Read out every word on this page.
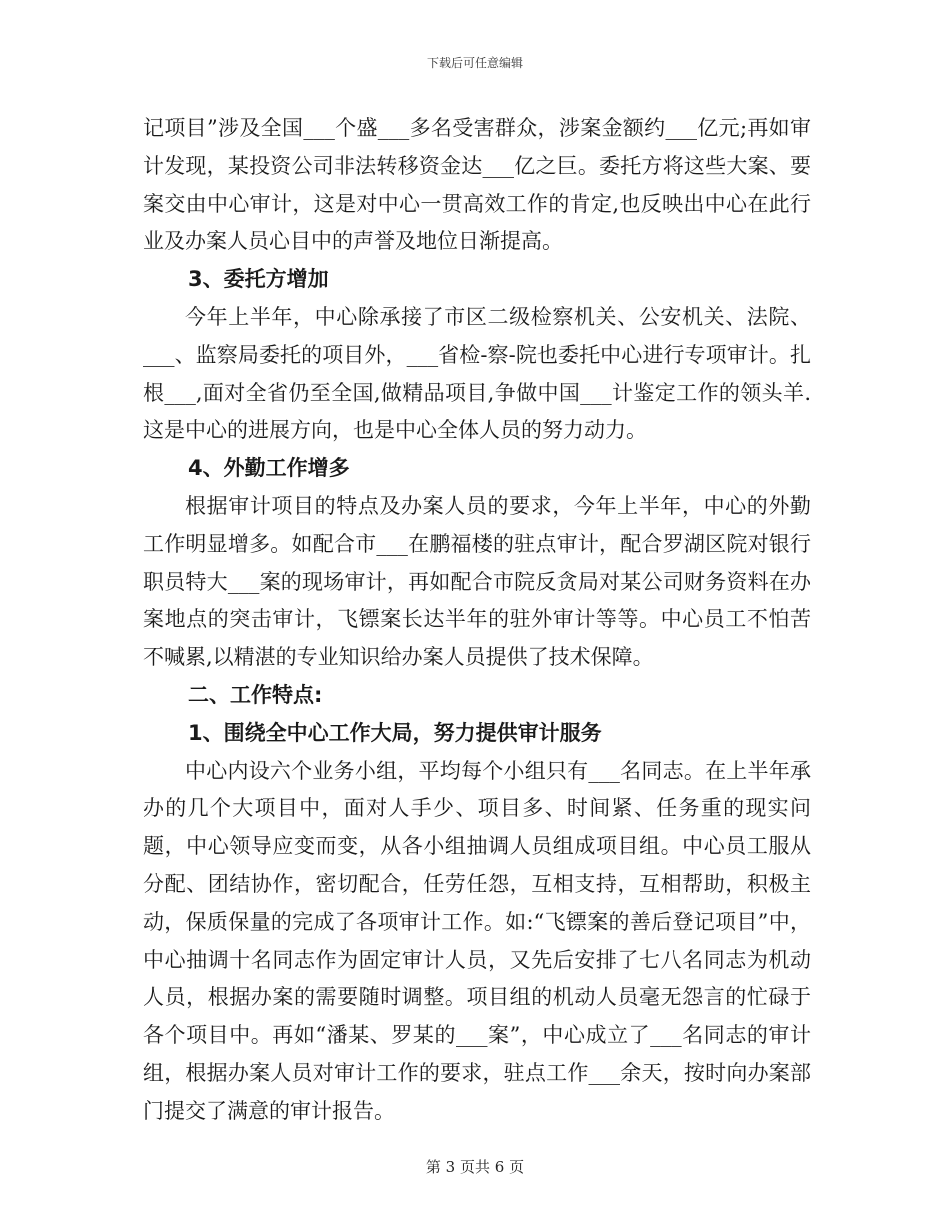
下载后可任意编辑

记项目”涉及全国___个盛___多名受害群众，涉案金额约___亿元;再如审计发现，某投资公司非法转移资金达___亿之巨。委托方将这些大案、要案交由中心审计，这是对中心一贯高效工作的肯定,也反映出中心在此行业及办案人员心目中的声誉及地位日渐提高。

3、委托方增加

今年上半年，中心除承接了市区二级检察机关、公安机关、法院、___、监察局委托的项目外，___省检-察-院也委托中心进行专项审计。扎根___,面对全省仍至全国,做精品项目,争做中国___计鉴定工作的领头羊.这是中心的进展方向，也是中心全体人员的努力动力。

4、外勤工作增多

根据审计项目的特点及办案人员的要求，今年上半年，中心的外勤工作明显增多。如配合市___在鹏福楼的驻点审计，配合罗湖区院对银行职员特大___案的现场审计，再如配合市院反贪局对某公司财务资料在办案地点的突击审计，飞镖案长达半年的驻外审计等等。中心员工不怕苦不喊累,以精湛的专业知识给办案人员提供了技术保障。

二、工作特点:

1、围绕全中心工作大局，努力提供审计服务

中心内设六个业务小组，平均每个小组只有___名同志。在上半年承办的几个大项目中，面对人手少、项目多、时间紧、任务重的现实问题，中心领导应变而变，从各小组抽调人员组成项目组。中心员工服从分配、团结协作，密切配合，任劳任怨，互相支持，互相帮助，积极主动，保质保量的完成了各项审计工作。如:“飞镖案的善后登记项目”中，中心抽调十名同志作为固定审计人员，又先后安排了七八名同志为机动人员，根据办案的需要随时调整。项目组的机动人员毫无怨言的忙碌于各个项目中。再如“潘某、罗某的___案”，中心成立了___名同志的审计组，根据办案人员对审计工作的要求，驻点工作___余天，按时向办案部门提交了满意的审计报告。

第 3 页共 6 页
